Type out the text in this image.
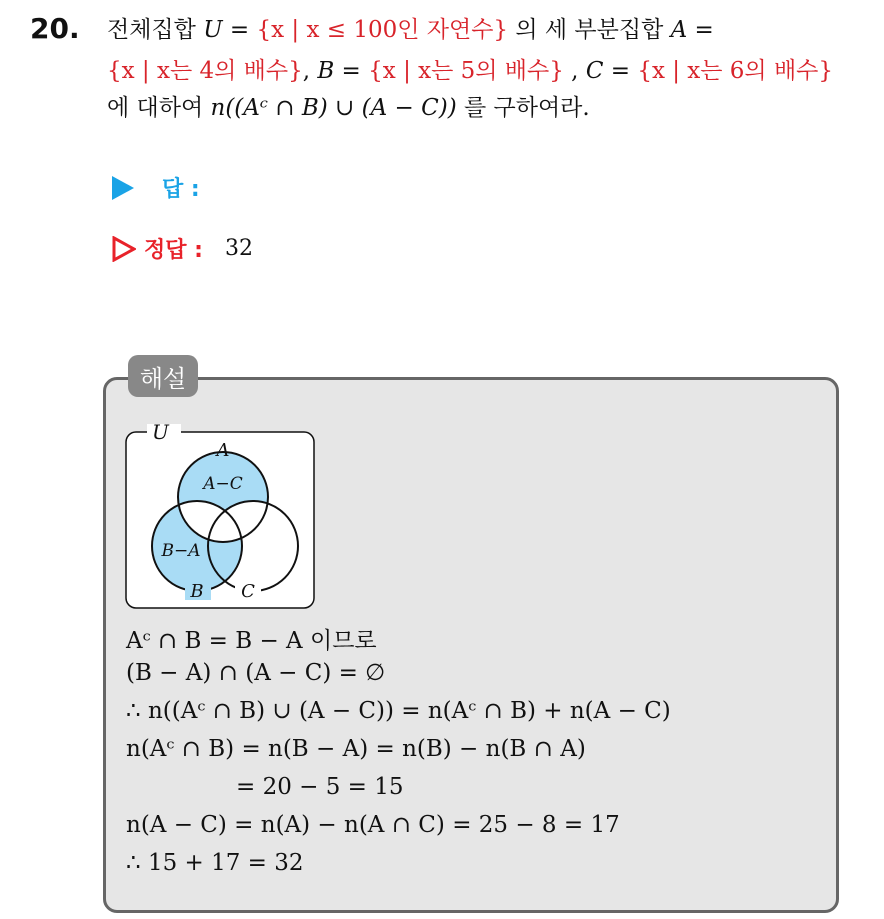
20. 전체집합 U = {x | x ≤ 100인 자연수} 의 세 부분집합 A =
{x | x는 4의 배수}, B = {x | x는 5의 배수} , C = {x | x는 6의 배수}
에 대하여 n((Aᶜ ∩ B) ∪ (A − C)) 를 구하여라.
답 :
정답 : 32
해설
U
A
A−C
B−A
B C
Aᶜ ∩ B = B − A 이므로
(B − A) ∩ (A − C) = ∅
∴ n((Aᶜ ∩ B) ∪ (A − C)) = n(Aᶜ ∩ B) + n(A − C)
n(Aᶜ ∩ B) = n(B − A) = n(B) − n(B ∩ A)
= 20 − 5 = 15
n(A − C) = n(A) − n(A ∩ C) = 25 − 8 = 17
∴ 15 + 17 = 32
